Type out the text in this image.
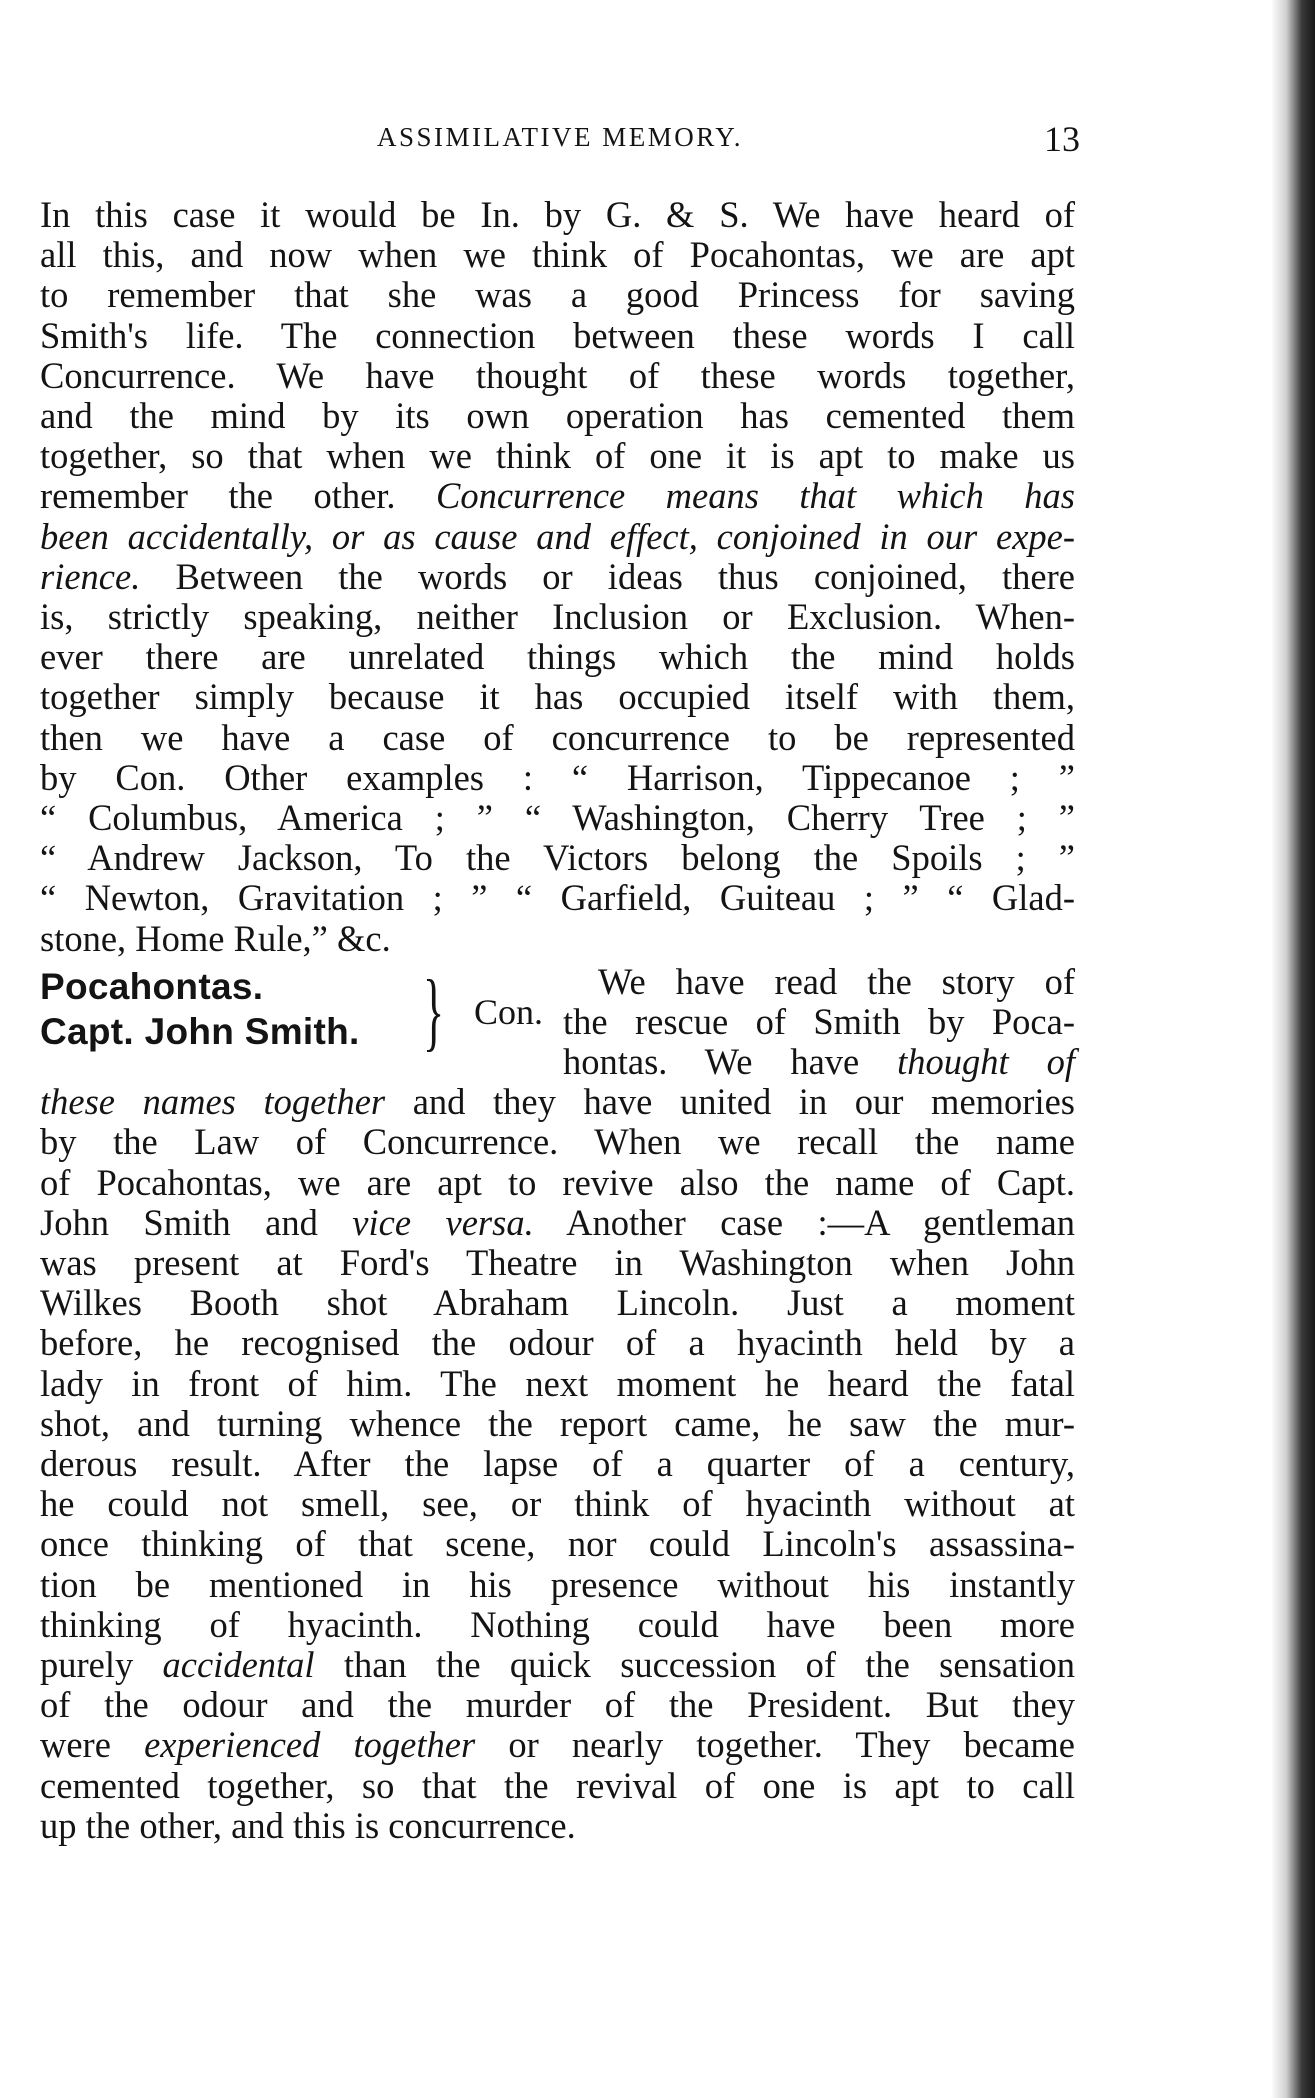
ASSIMILATIVE MEMORY.	13
In this case it would be In. by G. & S. We have heard of
all this, and now when we think of Pocahontas, we are apt
to remember that she was a good Princess for saving
Smith's life. The connection between these words I call
Concurrence. We have thought of these words together,
and the mind by its own operation has cemented them
together, so that when we think of one it is apt to make us
remember the other. Concurrence means that which has
been accidentally, or as cause and effect, conjoined in our expe-
rience. Between the words or ideas thus conjoined, there
is, strictly speaking, neither Inclusion or Exclusion. When-
ever there are unrelated things which the mind holds
together simply because it has occupied itself with them,
then we have a case of concurrence to be represented
by Con. Other examples : “ Harrison, Tippecanoe ; ”
“ Columbus, America ; ” “ Washington, Cherry Tree ; ”
“ Andrew Jackson, To the Victors belong the Spoils ; ”
“ Newton, Gravitation ; ” “ Garfield, Guiteau ; ” “ Glad-
stone, Home Rule,” &c.
Pocahontas.
Capt. John Smith. } Con.
We have read the story of
the rescue of Smith by Poca-
hontas. We have thought of
these names together and they have united in our memories
by the Law of Concurrence. When we recall the name
of Pocahontas, we are apt to revive also the name of Capt.
John Smith and vice versa. Another case :—A gentleman
was present at Ford's Theatre in Washington when John
Wilkes Booth shot Abraham Lincoln. Just a moment
before, he recognised the odour of a hyacinth held by a
lady in front of him. The next moment he heard the fatal
shot, and turning whence the report came, he saw the mur-
derous result. After the lapse of a quarter of a century,
he could not smell, see, or think of hyacinth without at
once thinking of that scene, nor could Lincoln's assassina-
tion be mentioned in his presence without his instantly
thinking of hyacinth. Nothing could have been more
purely accidental than the quick succession of the sensation
of the odour and the murder of the President. But they
were experienced together or nearly together. They became
cemented together, so that the revival of one is apt to call
up the other, and this is concurrence.
